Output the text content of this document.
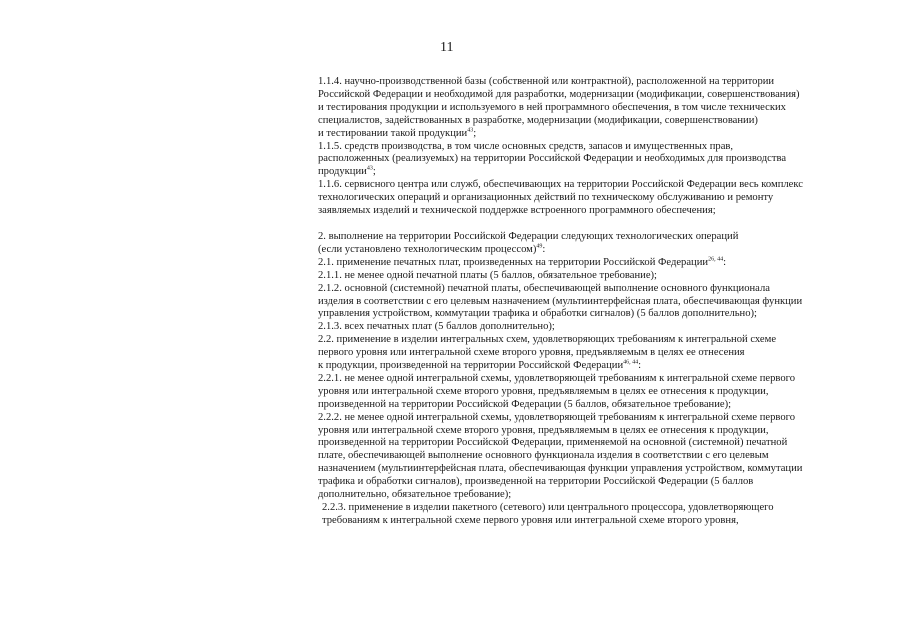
11
1.1.4. научно-производственной базы (собственной или контрактной), расположенной на территории
Российской Федерации и необходимой для разработки, модернизации (модификации, совершенствования)
и тестирования продукции и используемого в ней программного обеспечения, в том числе технических
специалистов, задействованных в разработке, модернизации (модификации, совершенствовании)
и тестировании такой продукции$^{43}$;
1.1.5. средств производства, в том числе основных средств, запасов и имущественных прав,
расположенных (реализуемых) на территории Российской Федерации и необходимых для производства
продукции$^{43}$;
1.1.6. сервисного центра или служб, обеспечивающих на территории Российской Федерации весь комплекс
технологических операций и организационных действий по техническому обслуживанию и ремонту
заявляемых изделий и технической поддержке встроенного программного обеспечения;
2. выполнение на территории Российской Федерации следующих технологических операций
(если установлено технологическим процессом)$^{49}$:
2.1. применение печатных плат, произведенных на территории Российской Федерации$^{26, 44}$:
2.1.1. не менее одной печатной платы (5 баллов, обязательное требование);
2.1.2. основной (системной) печатной платы, обеспечивающей выполнение основного функционала
изделия в соответствии с его целевым назначением (мультиинтерфейсная плата, обеспечивающая функции
управления устройством, коммутации трафика и обработки сигналов) (5 баллов дополнительно);
2.1.3. всех печатных плат (5 баллов дополнительно);
2.2. применение в изделии интегральных схем, удовлетворяющих требованиям к интегральной схеме
первого уровня или интегральной схеме второго уровня, предъявляемым в целях ее отнесения
к продукции, произведенной на территории Российской Федерации$^{46, 44}$:
2.2.1. не менее одной интегральной схемы, удовлетворяющей требованиям к интегральной схеме первого
уровня или интегральной схеме второго уровня, предъявляемым в целях ее отнесения к продукции,
произведенной на территории Российской Федерации (5 баллов, обязательное требование);
2.2.2. не менее одной интегральной схемы, удовлетворяющей требованиям к интегральной схеме первого
уровня или интегральной схеме второго уровня, предъявляемым в целях ее отнесения к продукции,
произведенной на территории Российской Федерации, применяемой на основной (системной) печатной
плате, обеспечивающей выполнение основного функционала изделия в соответствии с его целевым
назначением (мультиинтерфейсная плата, обеспечивающая функции управления устройством, коммутации
трафика и обработки сигналов), произведенной на территории Российской Федерации (5 баллов
дополнительно, обязательное требование);
2.2.3. применение в изделии пакетного (сетевого) или центрального процессора, удовлетворяющего
требованиям к интегральной схеме первого уровня или интегральной схеме второго уровня,
